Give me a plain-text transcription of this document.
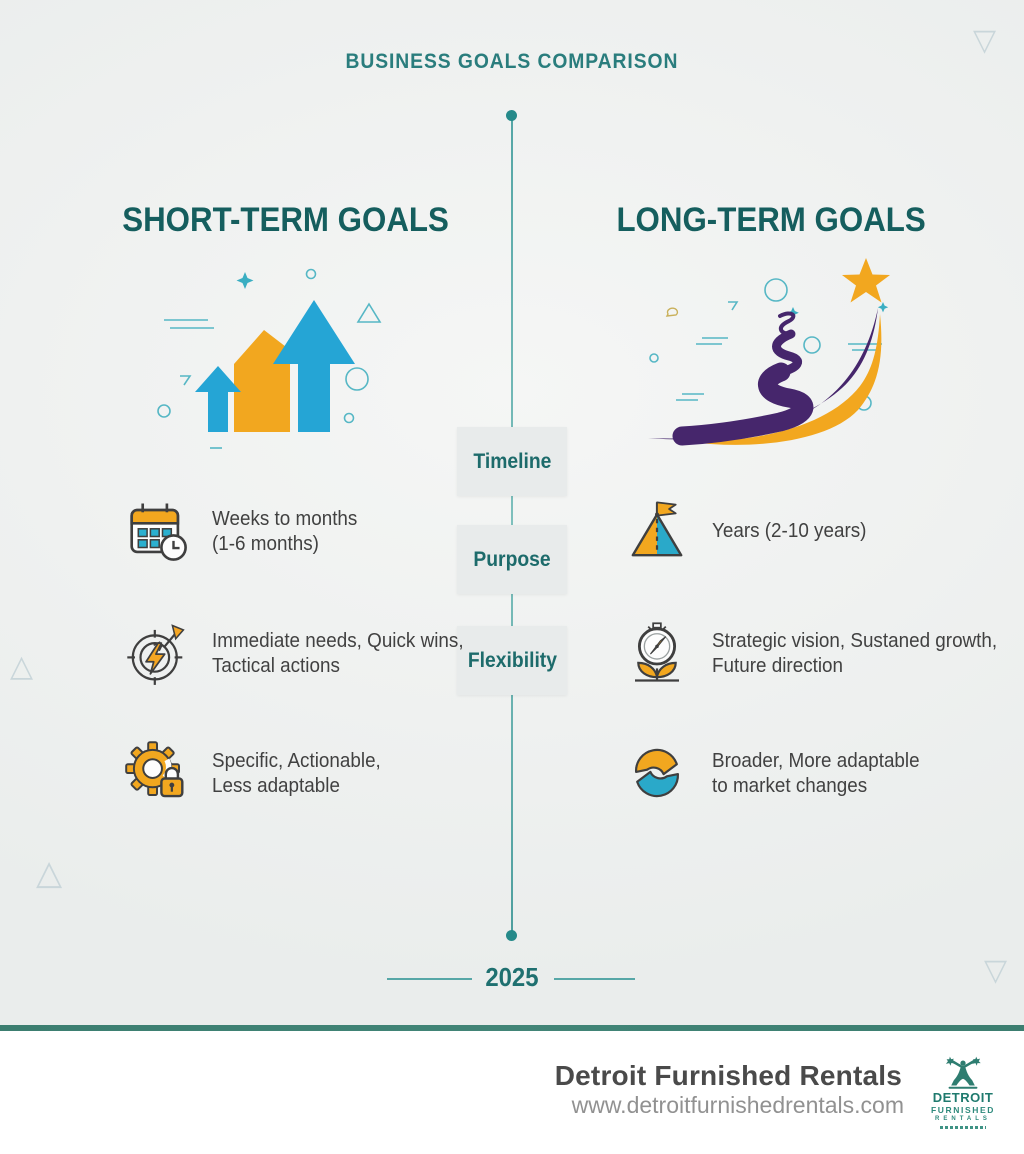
BUSINESS GOALS COMPARISON
SHORT-TERM GOALS	LONG-TERM GOALS
Timeline
Purpose
Flexibility
Weeks to months
(1-6 months)
Immediate needs, Quick wins,
Tactical actions
Specific, Actionable,
Less adaptable
Years (2-10 years)
Strategic vision, Sustaned growth,
Future direction
Broader, More adaptable
to market changes
2025
△
△
▽
▽
Detroit Furnished Rentals
www.detroitfurnishedrentals.com DETROIT
FURNISHED
RENTALS
